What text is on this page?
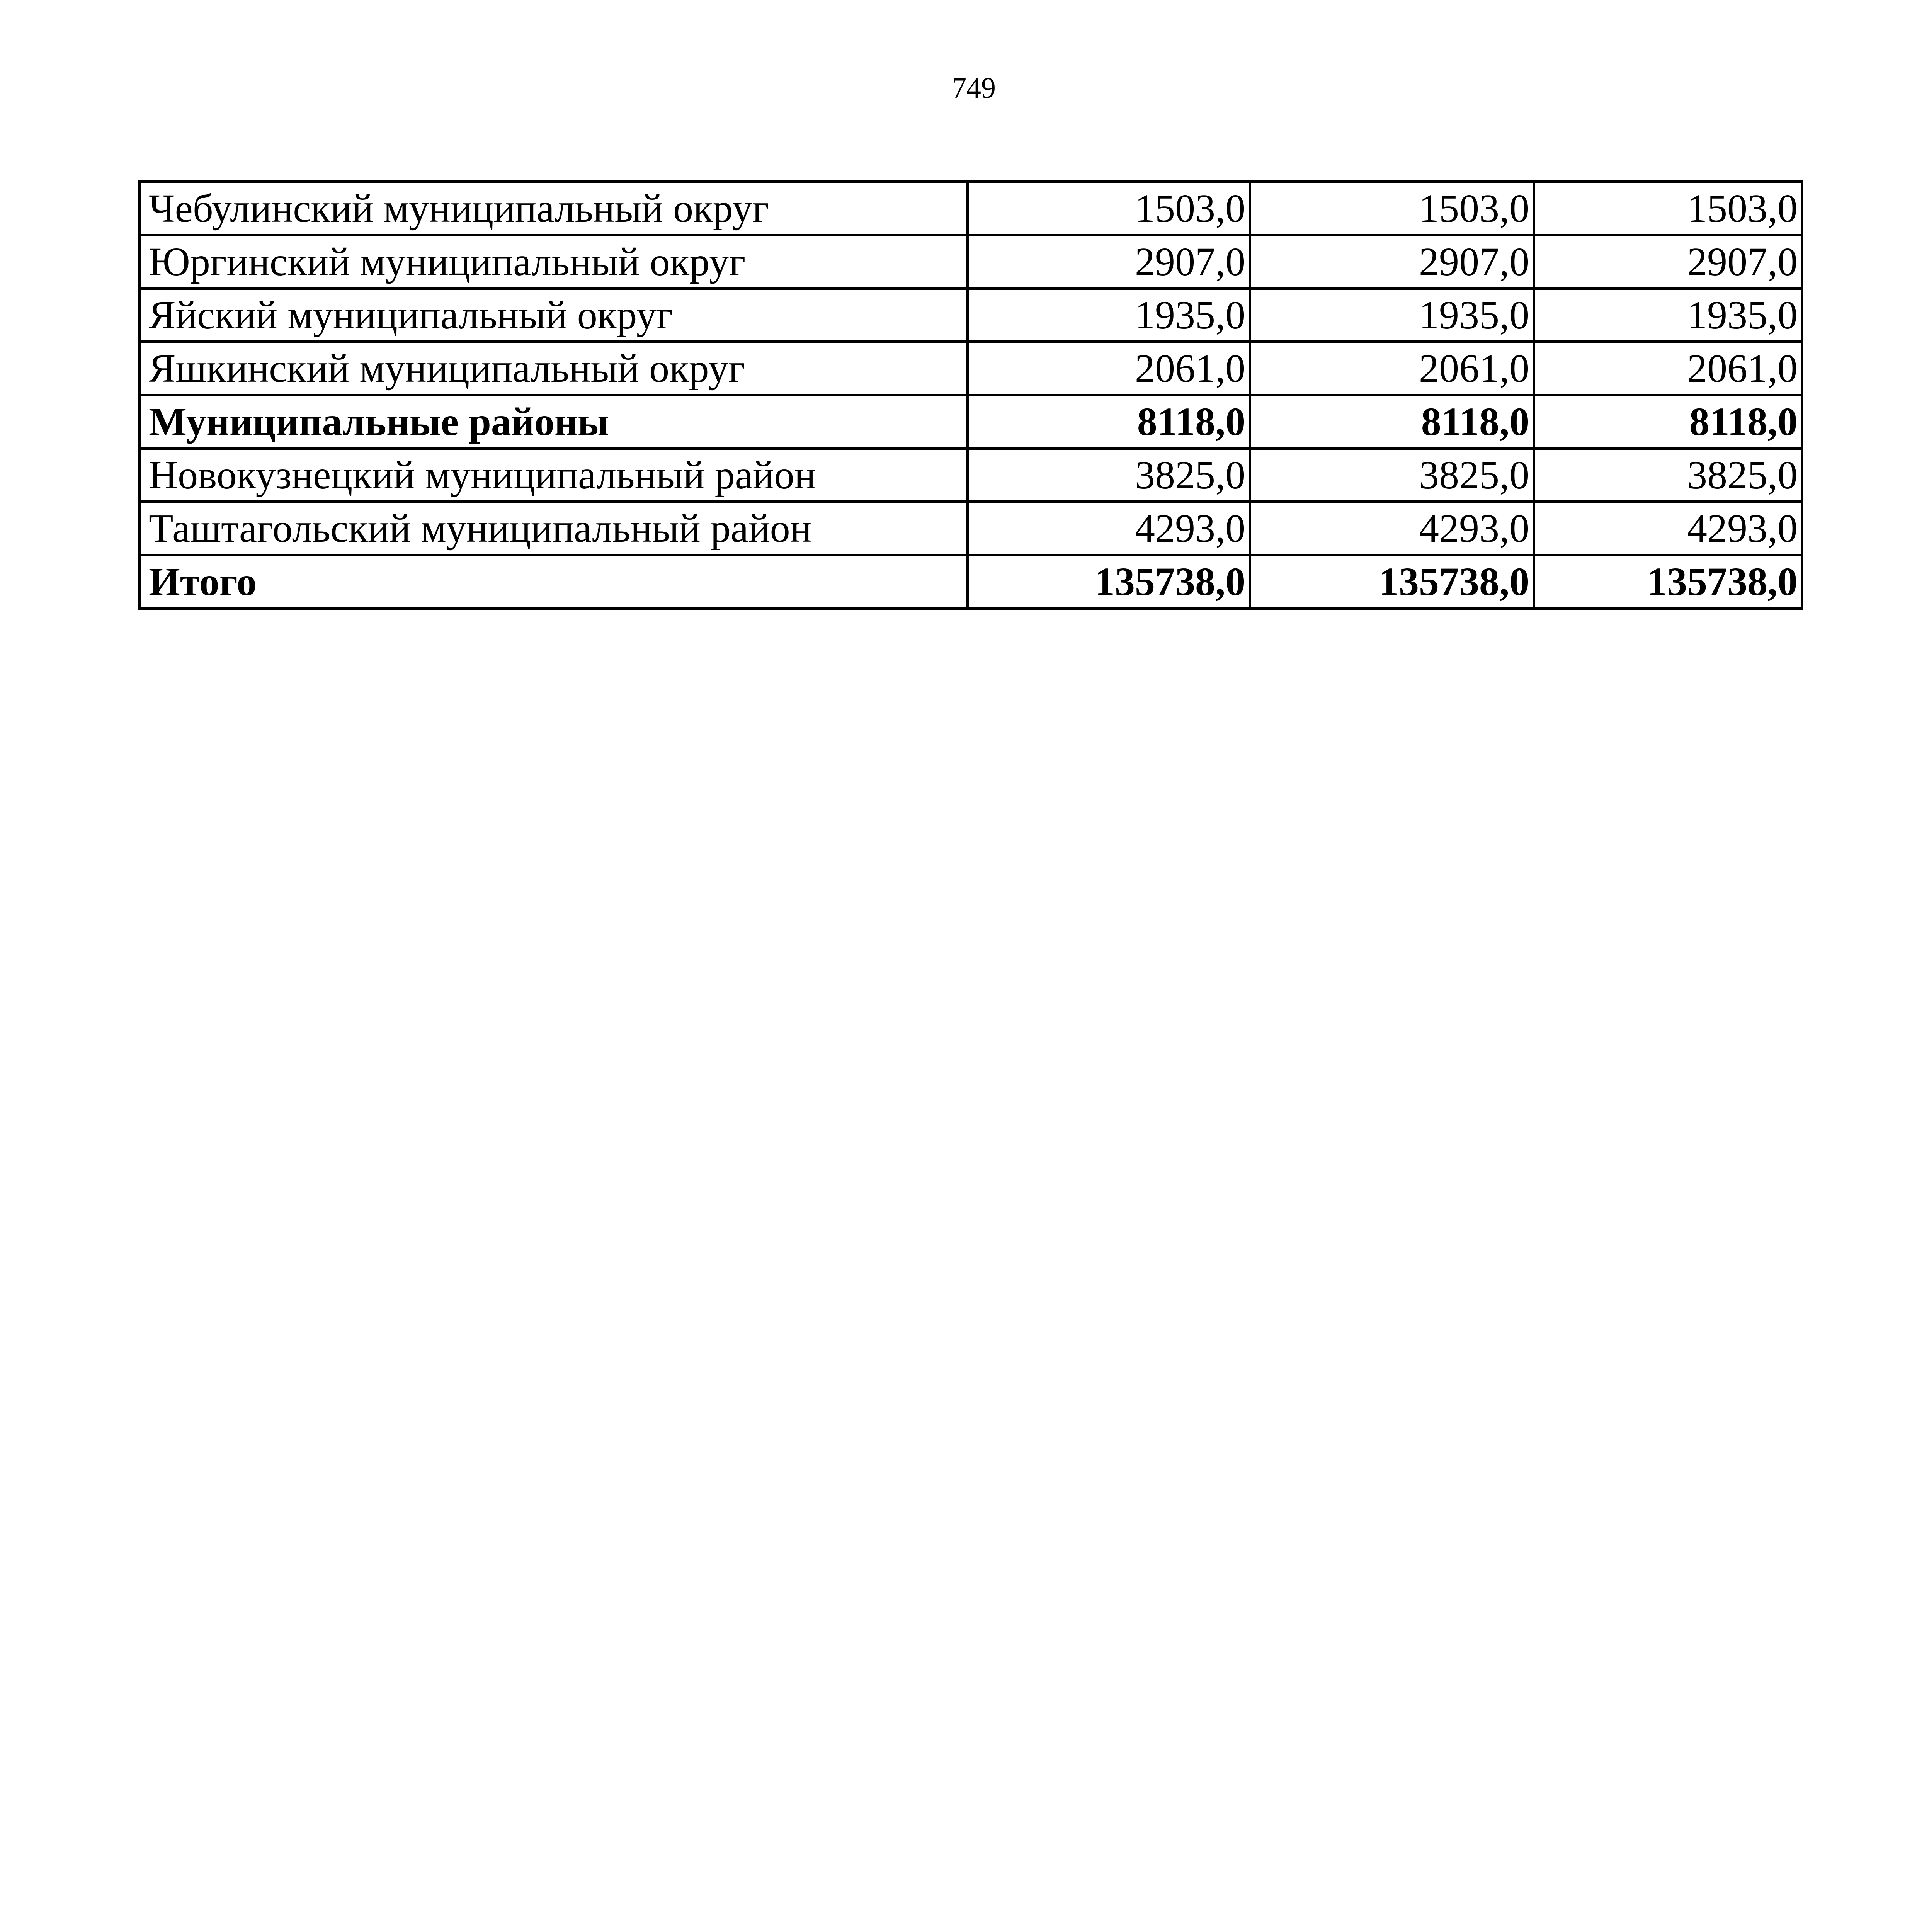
749
Чебулинский муниципальный округ	1503,0	1503,0	1503,0
Юргинский муниципальный округ	2907,0	2907,0	2907,0
Яйский муниципальный округ	1935,0	1935,0	1935,0
Яшкинский муниципальный округ	2061,0	2061,0	2061,0
Муниципальные районы	8118,0	8118,0	8118,0
Новокузнецкий муниципальный район	3825,0	3825,0	3825,0
Таштагольский муниципальный район	4293,0	4293,0	4293,0
Итого	135738,0	135738,0	135738,0
